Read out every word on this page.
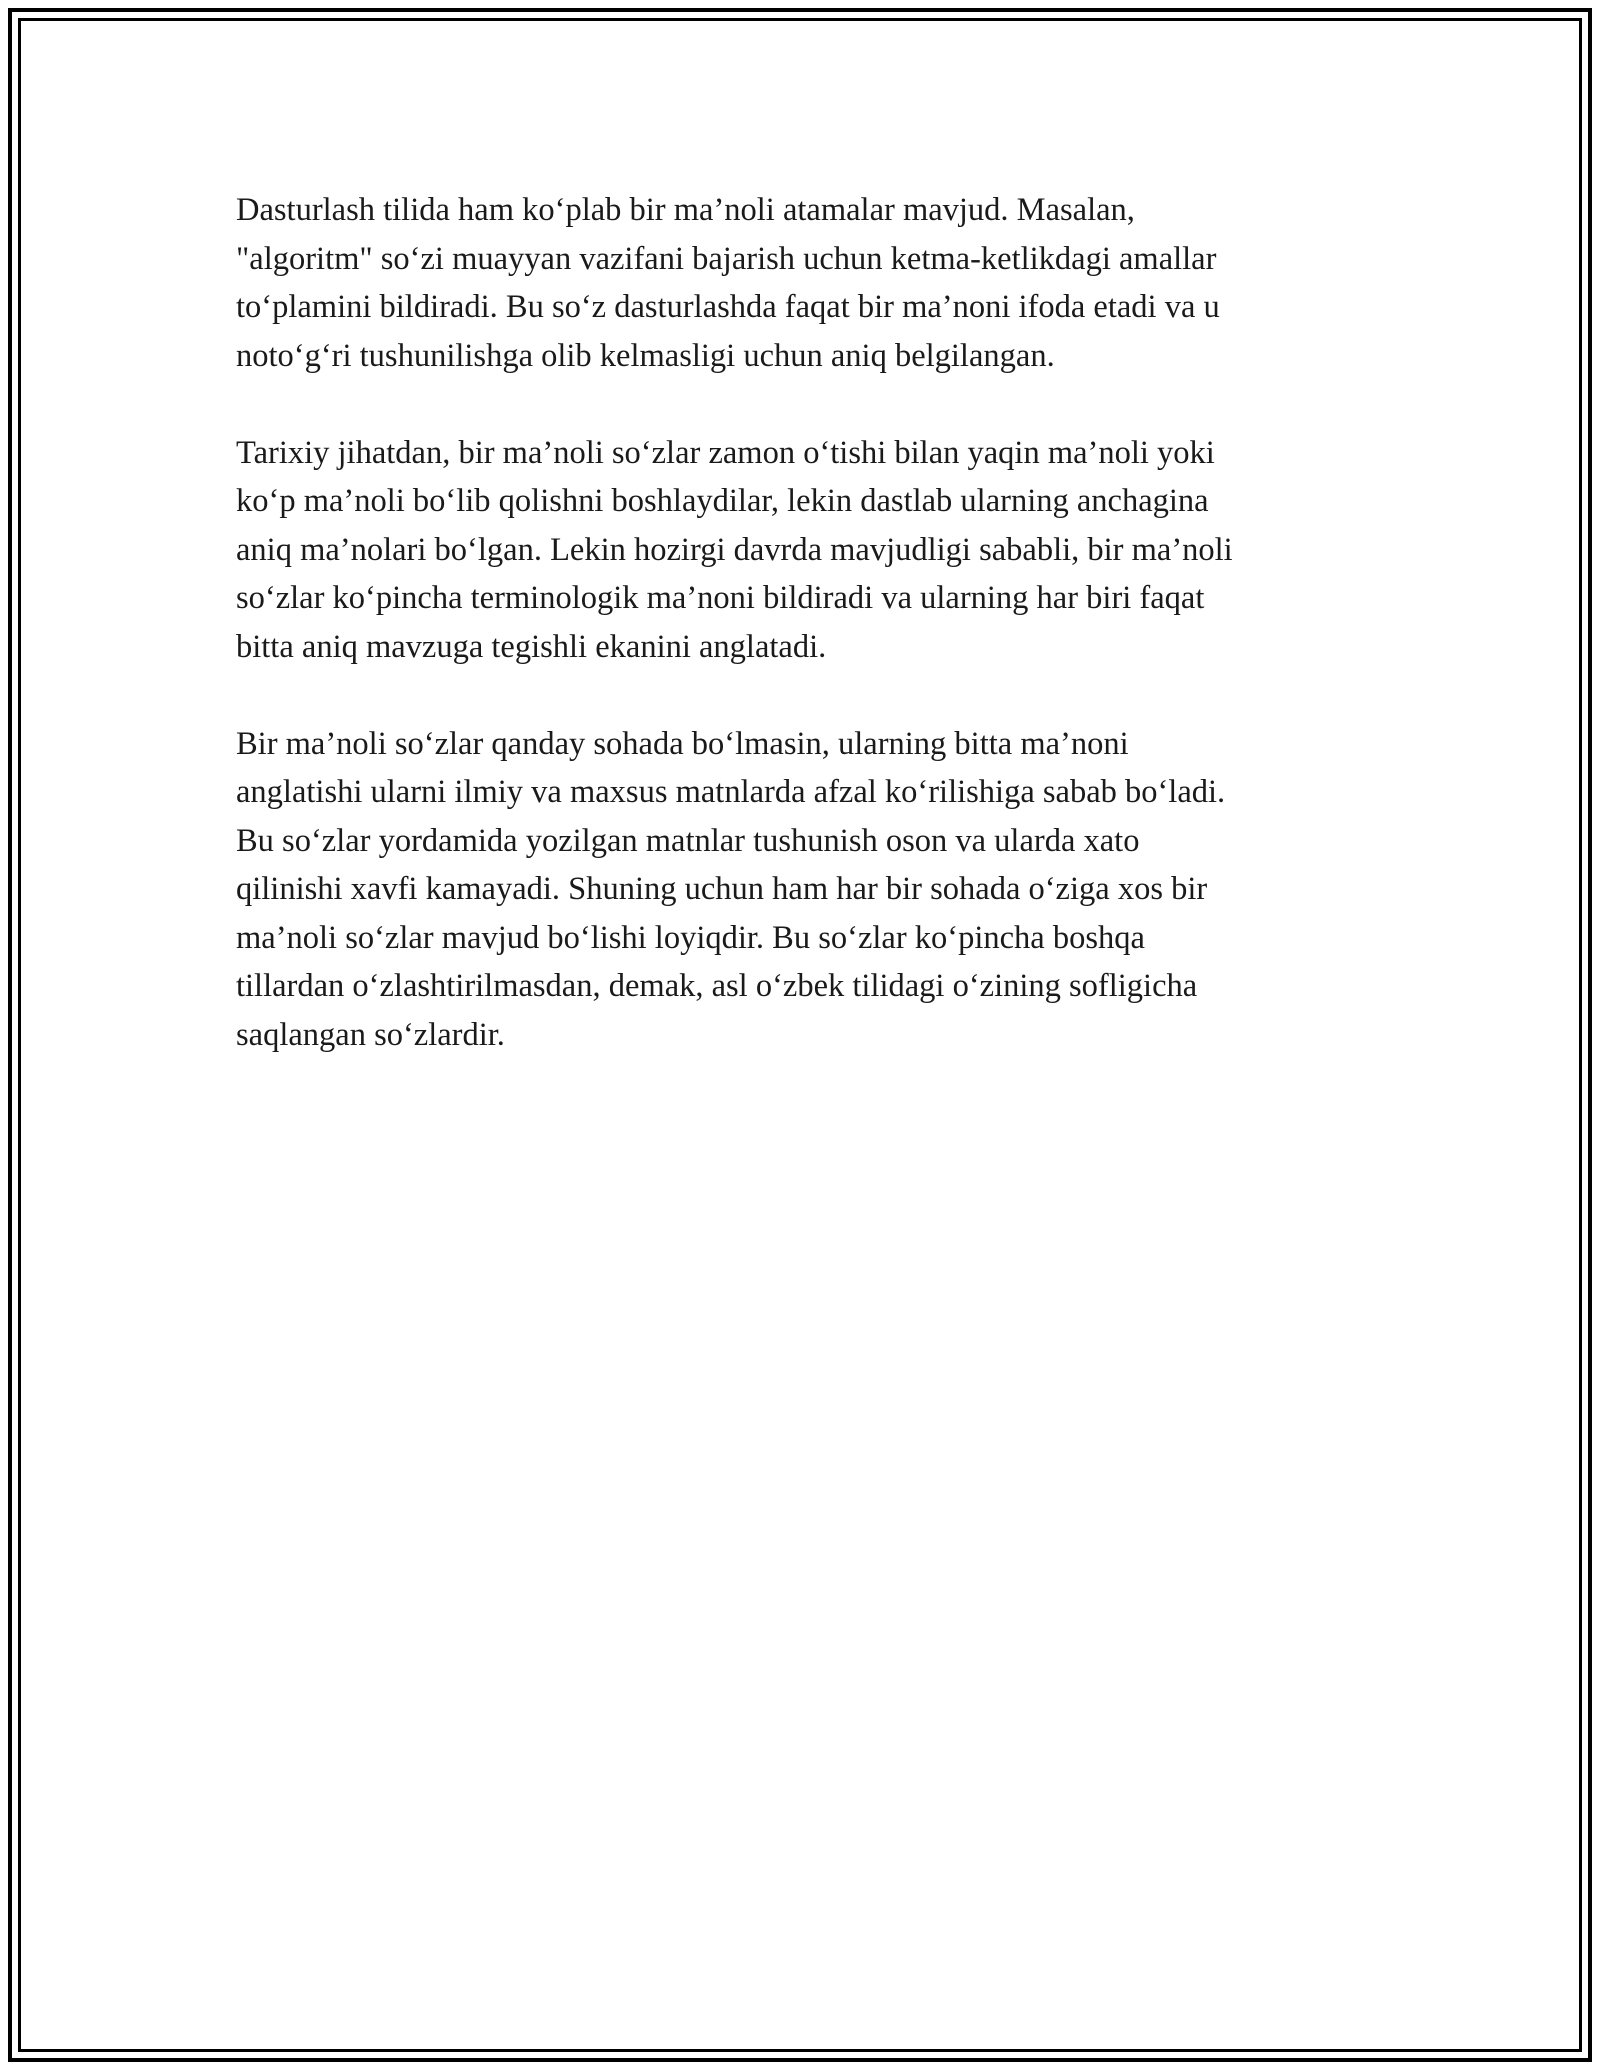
Dasturlash tilida ham ko‘plab bir ma’noli atamalar mavjud. Masalan,
"algoritm" so‘zi muayyan vazifani bajarish uchun ketma-ketlikdagi amallar
to‘plamini bildiradi. Bu so‘z dasturlashda faqat bir ma’noni ifoda etadi va u
noto‘g‘ri tushunilishga olib kelmasligi uchun aniq belgilangan.

Tarixiy jihatdan, bir ma’noli so‘zlar zamon o‘tishi bilan yaqin ma’noli yoki
ko‘p ma’noli bo‘lib qolishni boshlaydilar, lekin dastlab ularning anchagina
aniq ma’nolari bo‘lgan. Lekin hozirgi davrda mavjudligi sababli, bir ma’noli
so‘zlar ko‘pincha terminologik ma’noni bildiradi va ularning har biri faqat
bitta aniq mavzuga tegishli ekanini anglatadi.

Bir ma’noli so‘zlar qanday sohada bo‘lmasin, ularning bitta ma’noni
anglatishi ularni ilmiy va maxsus matnlarda afzal ko‘rilishiga sabab bo‘ladi.
Bu so‘zlar yordamida yozilgan matnlar tushunish oson va ularda xato
qilinishi xavfi kamayadi. Shuning uchun ham har bir sohada o‘ziga xos bir
ma’noli so‘zlar mavjud bo‘lishi loyiqdir. Bu so‘zlar ko‘pincha boshqa
tillardan o‘zlashtirilmasdan, demak, asl o‘zbek tilidagi o‘zining sofligicha
saqlangan so‘zlardir.
